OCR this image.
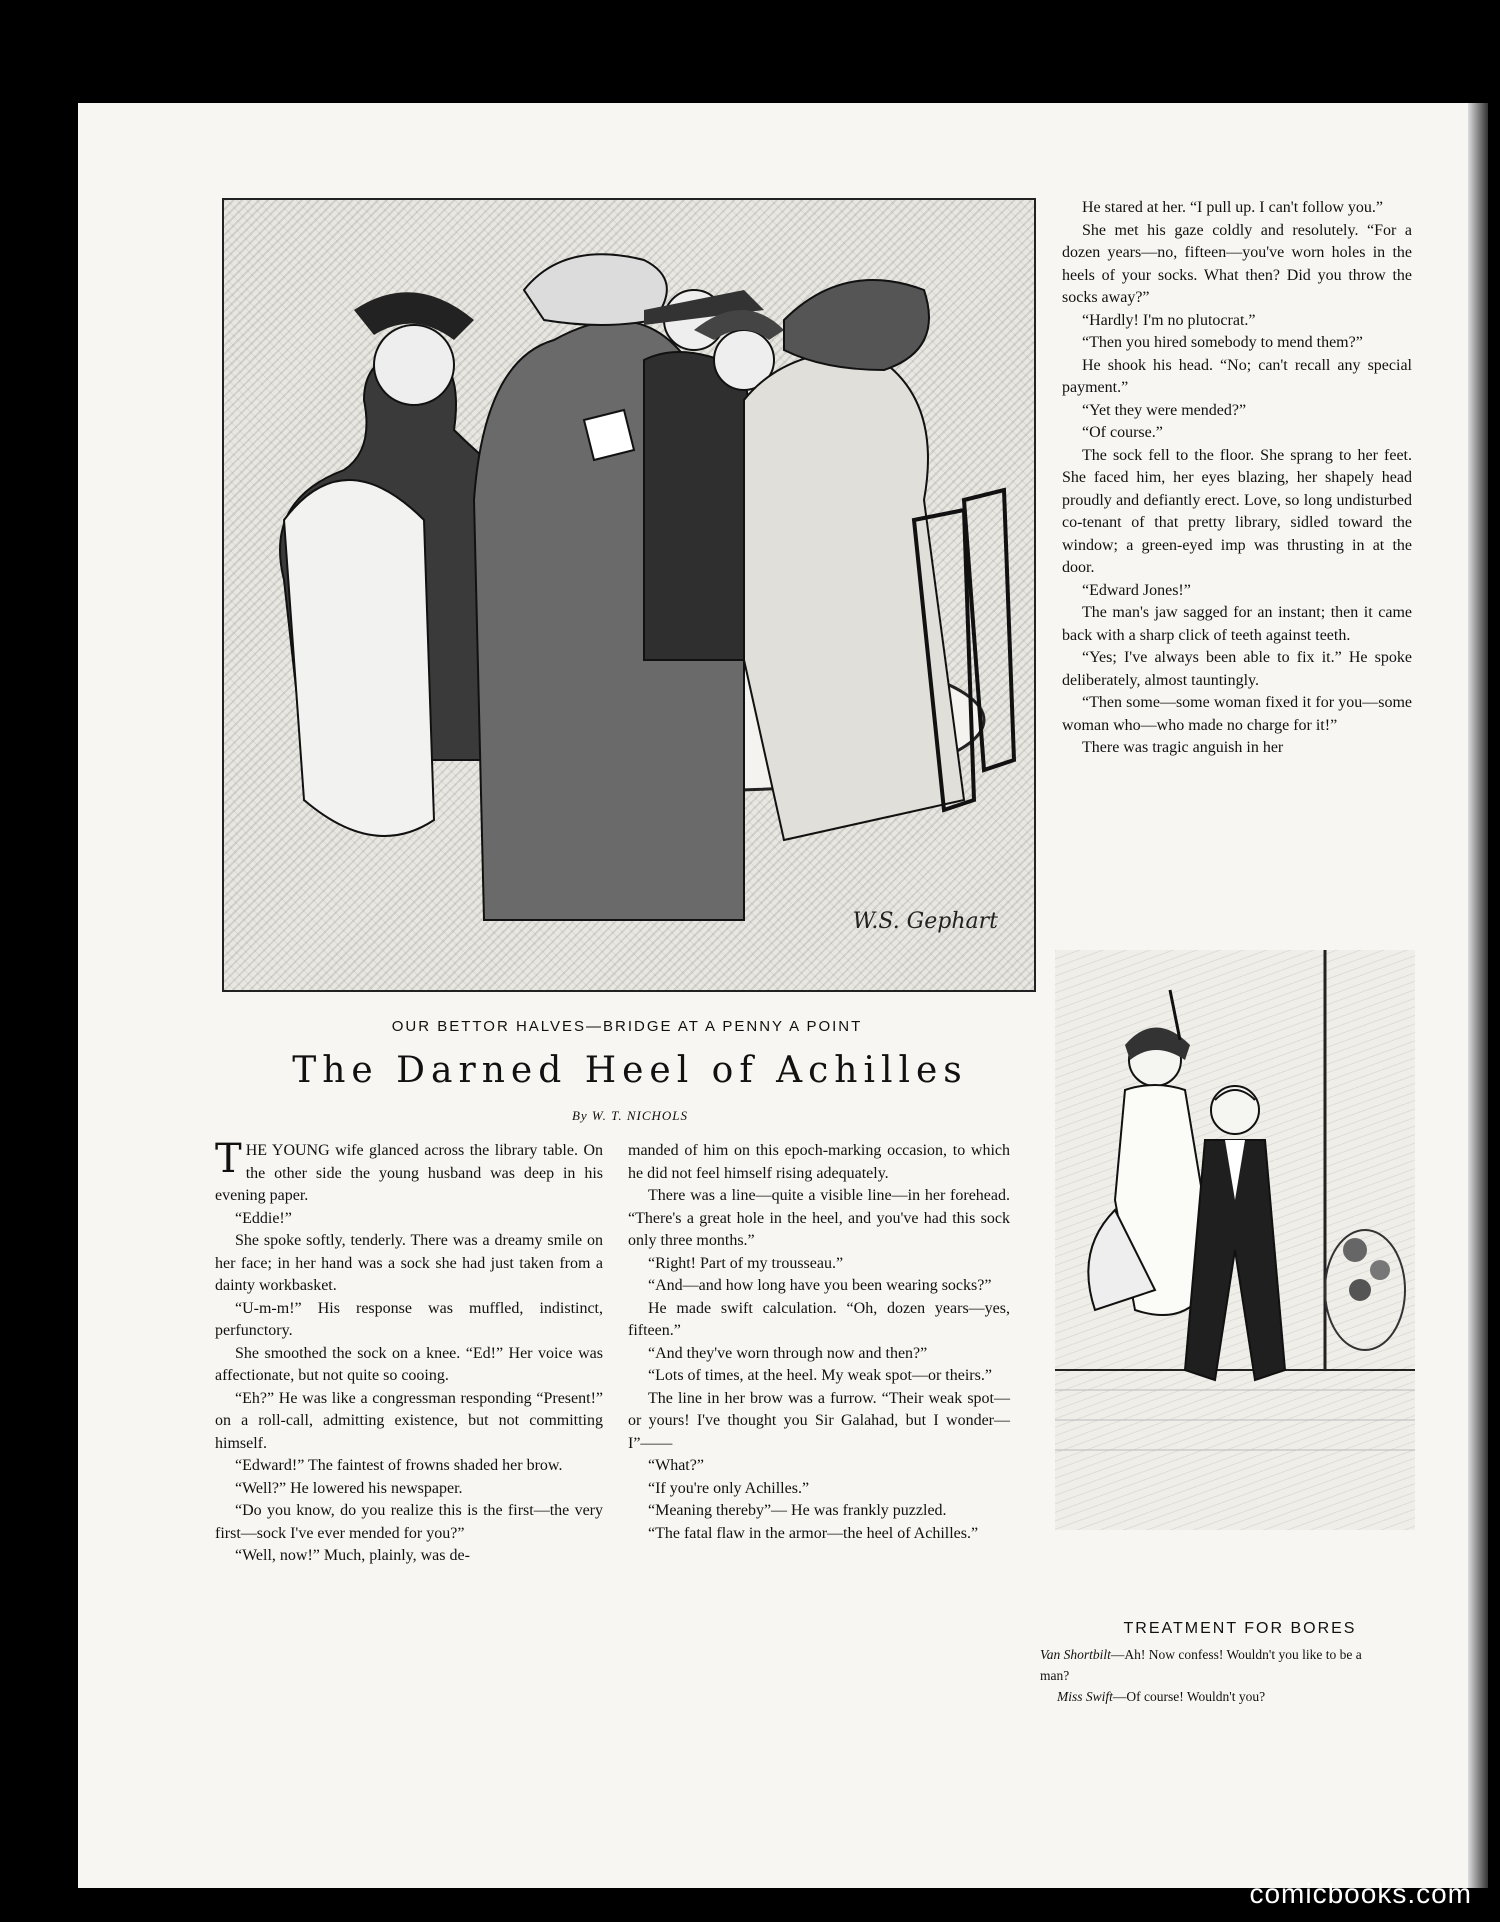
W.S. Gephart
OUR BETTOR HALVES—BRIDGE AT A PENNY A POINT
The Darned Heel of Achilles
By W. T. NICHOLS

THE YOUNG wife glanced across the library table. On the other side the young husband was deep in his evening paper.

“Eddie!”

She spoke softly, tenderly. There was a dreamy smile on her face; in her hand was a sock she had just taken from a dainty workbasket.

“U-m-m!” His response was muffled, indistinct, perfunctory.

She smoothed the sock on a knee. “Ed!” Her voice was affectionate, but not quite so cooing.

“Eh?” He was like a congressman responding “Present!” on a roll-call, admitting existence, but not committing himself.

“Edward!” The faintest of frowns shaded her brow.

“Well?” He lowered his newspaper.

“Do you know, do you realize this is the first—the very first—sock I've ever mended for you?”

“Well, now!” Much, plainly, was de-

manded of him on this epoch-marking occasion, to which he did not feel himself rising adequately.

There was a line—quite a visible line—in her forehead. “There's a great hole in the heel, and you've had this sock only three months.”

“Right! Part of my trousseau.”

“And—and how long have you been wearing socks?”

He made swift calculation. “Oh, dozen years—yes, fifteen.”

“And they've worn through now and then?”

“Lots of times, at the heel. My weak spot—or theirs.”

The line in her brow was a furrow. “Their weak spot—or yours! I've thought you Sir Galahad, but I wonder—I”——

“What?”

“If you're only Achilles.”

“Meaning thereby”— He was frankly puzzled.

“The fatal flaw in the armor—the heel of Achilles.”

He stared at her. “I pull up. I can't follow you.”

She met his gaze coldly and resolutely. “For a dozen years—no, fifteen—you've worn holes in the heels of your socks. What then? Did you throw the socks away?”

“Hardly! I'm no plutocrat.”

“Then you hired somebody to mend them?”

He shook his head. “No; can't recall any special payment.”

“Yet they were mended?”

“Of course.”

The sock fell to the floor. She sprang to her feet. She faced him, her eyes blazing, her shapely head proudly and defiantly erect. Love, so long undisturbed co-tenant of that pretty library, sidled toward the window; a green-eyed imp was thrusting in at the door.

“Edward Jones!”

The man's jaw sagged for an instant; then it came back with a sharp click of teeth against teeth.

“Yes; I've always been able to fix it.” He spoke deliberately, almost tauntingly.

“Then some—some woman fixed it for you—some woman who—who made no charge for it!”

There was tragic anguish in her

TREATMENT FOR BORES

Van Shortbilt—Ah! Now confess! Wouldn't you like to be a man?

Miss Swift—Of course! Wouldn't you?

comicbooks.com
